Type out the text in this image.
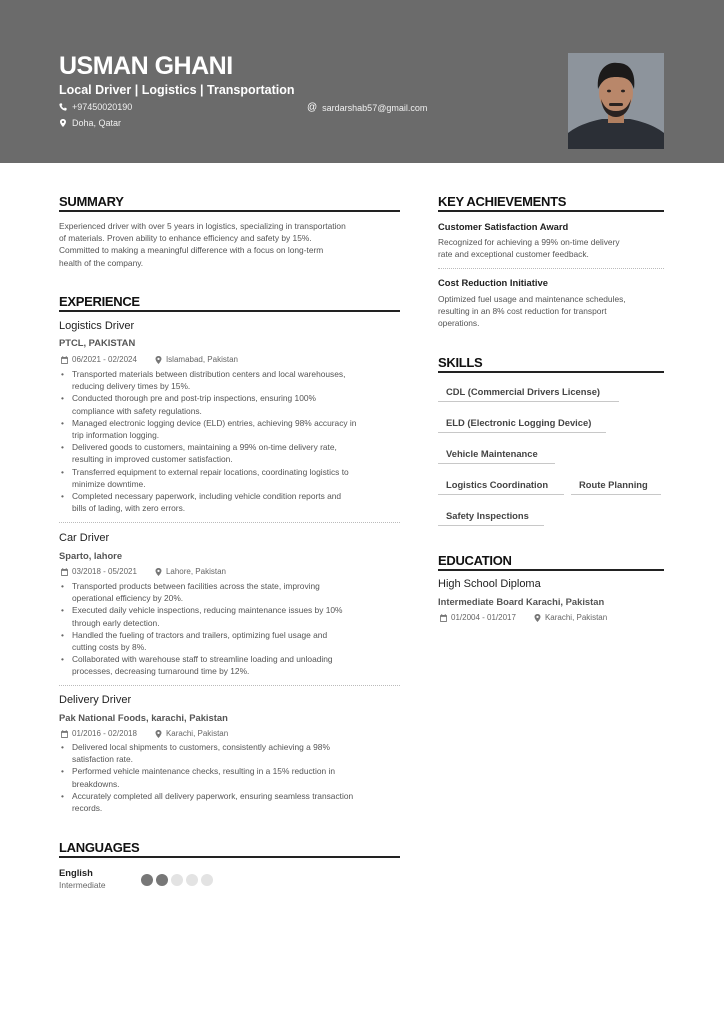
USMAN GHANI
Local Driver | Logistics | Transportation
+97450020190	@ sardarshab57@gmail.com
Doha, Qatar
SUMMARY
Experienced driver with over 5 years in logistics, specializing in transportation
of materials. Proven ability to enhance efficiency and safety by 15%.
Committed to making a meaningful difference with a focus on long-term
health of the company.
EXPERIENCE
Logistics Driver
PTCL, PAKISTAN
06/2021 - 02/2024	Islamabad, Pakistan
• Transported materials between distribution centers and local warehouses,
reducing delivery times by 15%.
• Conducted thorough pre and post-trip inspections, ensuring 100%
compliance with safety regulations.
• Managed electronic logging device (ELD) entries, achieving 98% accuracy in
trip information logging.
• Delivered goods to customers, maintaining a 99% on-time delivery rate,
resulting in improved customer satisfaction.
• Transferred equipment to external repair locations, coordinating logistics to
minimize downtime.
• Completed necessary paperwork, including vehicle condition reports and
bills of lading, with zero errors.
Car Driver
Sparto, lahore
03/2018 - 05/2021	Lahore, Pakistan
• Transported products between facilities across the state, improving
operational efficiency by 20%.
• Executed daily vehicle inspections, reducing maintenance issues by 10%
through early detection.
• Handled the fueling of tractors and trailers, optimizing fuel usage and
cutting costs by 8%.
• Collaborated with warehouse staff to streamline loading and unloading
processes, decreasing turnaround time by 12%.
Delivery Driver
Pak National Foods, karachi, Pakistan
01/2016 - 02/2018	Karachi, Pakistan
• Delivered local shipments to customers, consistently achieving a 98%
satisfaction rate.
• Performed vehicle maintenance checks, resulting in a 15% reduction in
breakdowns.
• Accurately completed all delivery paperwork, ensuring seamless transaction
records.
LANGUAGES
English
Intermediate
KEY ACHIEVEMENTS
Customer Satisfaction Award
Recognized for achieving a 99% on-time delivery
rate and exceptional customer feedback.
Cost Reduction Initiative
Optimized fuel usage and maintenance schedules,
resulting in an 8% cost reduction for transport
operations.
SKILLS
CDL (Commercial Drivers License)
ELD (Electronic Logging Device)
Vehicle Maintenance
Logistics Coordination	Route Planning
Safety Inspections
EDUCATION
High School Diploma
Intermediate Board Karachi, Pakistan
01/2004 - 01/2017	Karachi, Pakistan
